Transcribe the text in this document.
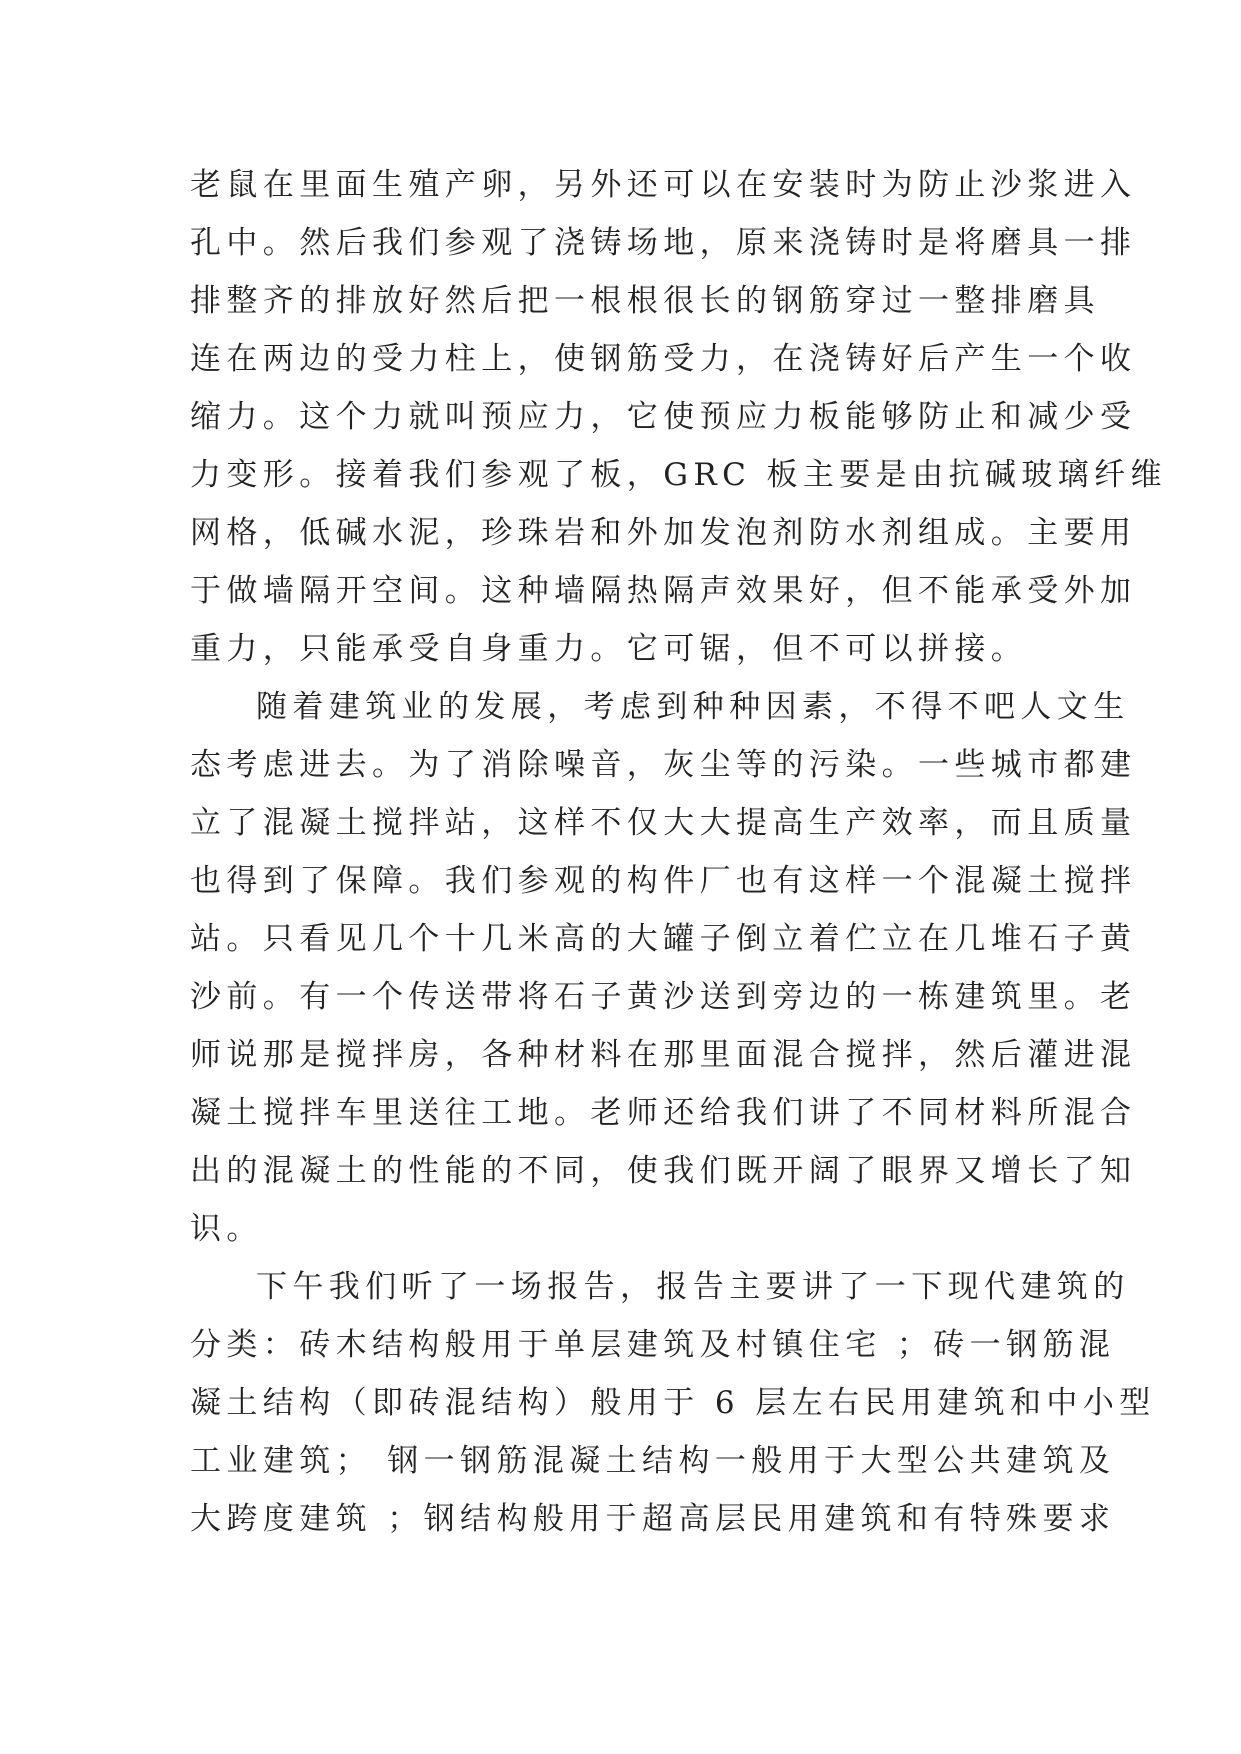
老鼠在里面生殖产卵，另外还可以在安装时为防止沙浆进入
孔中。然后我们参观了浇铸场地，原来浇铸时是将磨具一排
排整齐的排放好然后把一根根很长的钢筋穿过一整排磨具
连在两边的受力柱上，使钢筋受力，在浇铸好后产生一个收
缩力。这个力就叫预应力，它使预应力板能够防止和减少受
力变形。接着我们参观了板，GRC 板主要是由抗碱玻璃纤维
网格，低碱水泥，珍珠岩和外加发泡剂防水剂组成。主要用
于做墙隔开空间。这种墙隔热隔声效果好，但不能承受外加
重力，只能承受自身重力。它可锯，但不可以拼接。
随着建筑业的发展，考虑到种种因素，不得不吧人文生
态考虑进去。为了消除噪音，灰尘等的污染。一些城市都建
立了混凝土搅拌站，这样不仅大大提高生产效率，而且质量
也得到了保障。我们参观的构件厂也有这样一个混凝土搅拌
站。只看见几个十几米高的大罐子倒立着伫立在几堆石子黄
沙前。有一个传送带将石子黄沙送到旁边的一栋建筑里。老
师说那是搅拌房，各种材料在那里面混合搅拌，然后灌进混
凝土搅拌车里送往工地。老师还给我们讲了不同材料所混合
出的混凝土的性能的不同，使我们既开阔了眼界又增长了知
识。
下午我们听了一场报告，报告主要讲了一下现代建筑的
分类：砖木结构般用于单层建筑及村镇住宅 ；砖一钢筋混
凝土结构（即砖混结构）般用于 6 层左右民用建筑和中小型
工业建筑； 钢一钢筋混凝土结构一般用于大型公共建筑及
大跨度建筑 ；钢结构般用于超高层民用建筑和有特殊要求
